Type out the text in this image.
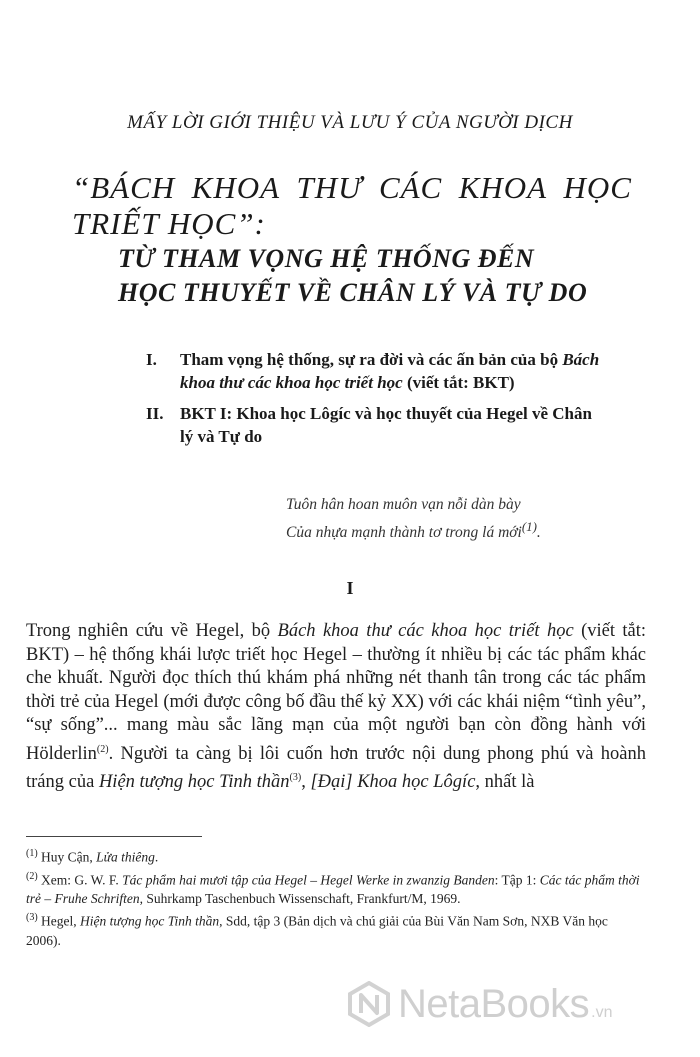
MẤY LỜI GIỚI THIỆU VÀ LƯU Ý CỦA NGƯỜI DỊCH
“BÁCH KHOA THƯ CÁC KHOA HỌC
TRIẾT HỌC”:
TỪ THAM VỌNG HỆ THỐNG ĐẾN
HỌC THUYẾT VỀ CHÂN LÝ VÀ TỰ DO
I.	Tham vọng hệ thống, sự ra đời và các ấn bản của bộ Bách khoa thư các khoa học triết học (viết tắt: BKT)
II. BKT I: Khoa học Lôgíc và học thuyết của Hegel về Chân lý và Tự do
Tuôn hân hoan muôn vạn nỗi dàn bày
Của nhựa mạnh thành tơ trong lá mới$^{(1)}$.
I

Trong nghiên cứu về Hegel, bộ Bách khoa thư các khoa học triết học (viết tắt: BKT) – hệ thống khái lược triết học Hegel – thường ít nhiều bị các tác phẩm khác che khuất. Người đọc thích thú khám phá những nét thanh tân trong các tác phẩm thời trẻ của Hegel (mới được công bố đầu thế kỷ XX) với các khái niệm “tình yêu”, “sự sống”... mang màu sắc lãng mạn của một người bạn còn đồng hành với Hölderlin$^{(2)}$. Người ta càng bị lôi cuốn hơn trước nội dung phong phú và hoành tráng của Hiện tượng học Tinh thần$^{(3)}$, [Đại] Khoa học Lôgíc, nhất là

$^{(1)}$ Huy Cận, Lửa thiêng.

$^{(2)}$ Xem: G. W. F. Tác phẩm hai mươi tập của Hegel – Hegel Werke in zwanzig Banden: Tập 1: Các tác phẩm thời trẻ – Fruhe Schriften, Suhrkamp Taschenbuch Wissenschaft, Frankfurt/M, 1969.

$^{(3)}$ Hegel, Hiện tượng học Tinh thần, Sdd, tập 3 (Bản dịch và chú giải của Bùi Văn Nam Sơn, NXB Văn học 2006).

NetaBooks .vn
